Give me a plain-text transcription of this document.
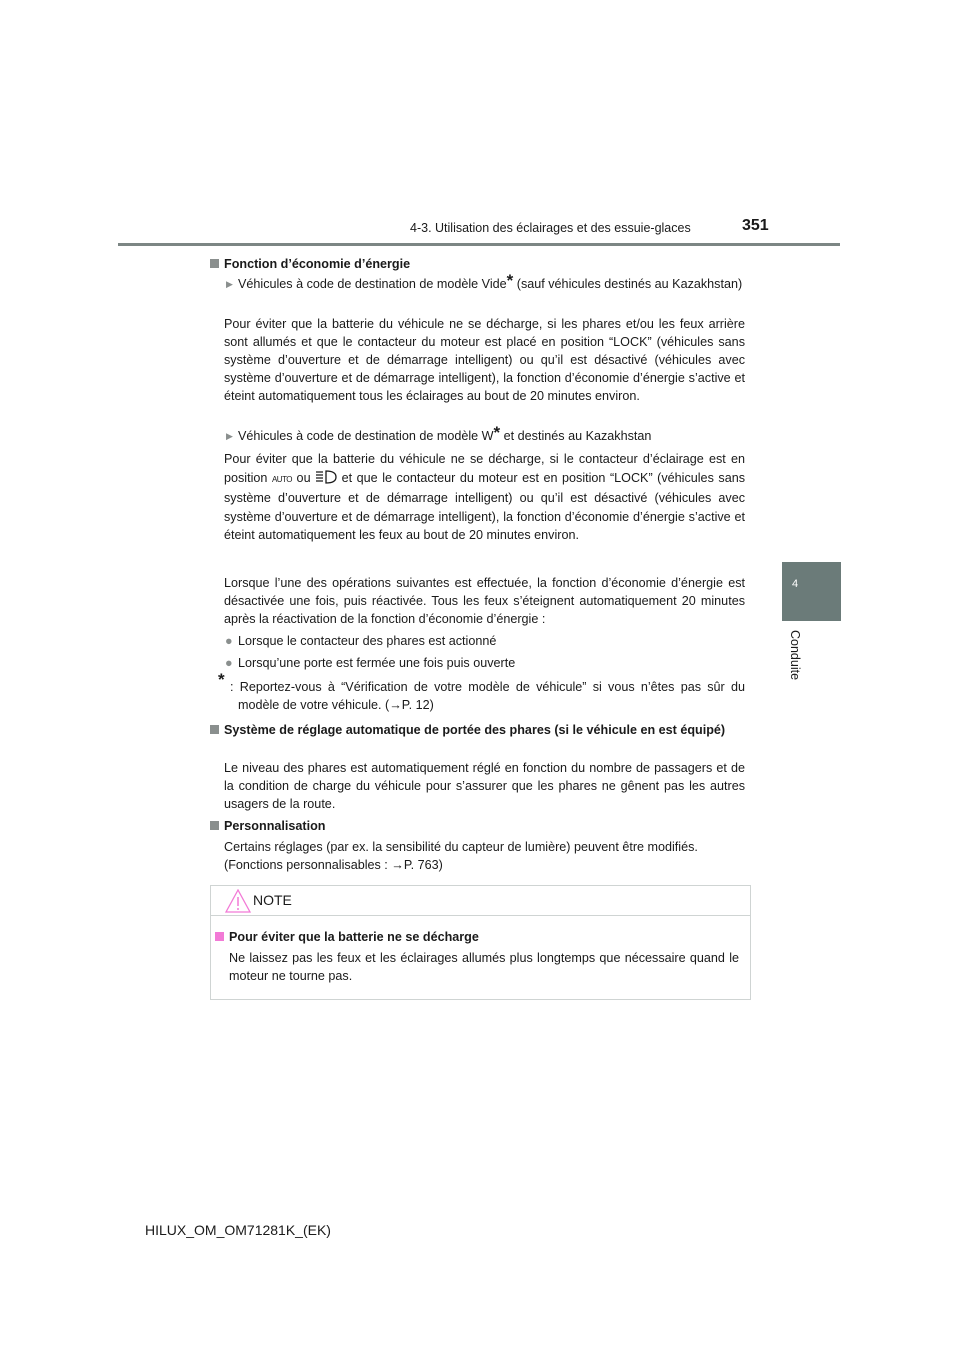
4-3. Utilisation des éclairages et des essuie-glaces	351
4
Conduite
Fonction d’économie d’énergie
▶ Véhicules à code de destination de modèle Vide* (sauf véhicules destinés au Kazakhstan)
Pour éviter que la batterie du véhicule ne se décharge, si les phares et/ou les feux arrière sont allumés et que le contacteur du moteur est placé en position “LOCK” (véhicules sans système d’ouverture et de démarrage intelligent) ou qu’il est désactivé (véhicules avec système d’ouverture et de démarrage intelligent), la fonction d’économie d’énergie s’active et éteint automatiquement tous les éclairages au bout de 20 minutes environ.
▶ Véhicules à code de destination de modèle W* et destinés au Kazakhstan
Pour éviter que la batterie du véhicule ne se décharge, si le contacteur d’éclairage est en position AUTO ou  et que le contacteur du moteur est en position “LOCK” (véhicules sans système d’ouverture et de démarrage intelligent) ou qu’il est désactivé (véhicules avec système d’ouverture et de démarrage intelligent), la fonction d’économie d’énergie s’active et éteint automatiquement les feux au bout de 20 minutes environ.
Lorsque l’une des opérations suivantes est effectuée, la fonction d’économie d’énergie est désactivée une fois, puis réactivée. Tous les feux s’éteignent automatiquement 20 minutes après la réactivation de la fonction d’économie d’énergie :
● Lorsque le contacteur des phares est actionné
● Lorsqu’une porte est fermée une fois puis ouverte
* : Reportez-vous à “Vérification de votre modèle de véhicule” si vous n’êtes pas sûr du modèle de votre véhicule. (→P. 12)
Système de réglage automatique de portée des phares (si le véhicule en est équipé)
Le niveau des phares est automatiquement réglé en fonction du nombre de passagers et de la condition de charge du véhicule pour s’assurer que les phares ne gênent pas les autres usagers de la route.
Personnalisation
Certains réglages (par ex. la sensibilité du capteur de lumière) peuvent être modifiés. (Fonctions personnalisables : →P. 763)
NOTE
Pour éviter que la batterie ne se décharge
Ne laissez pas les feux et les éclairages allumés plus longtemps que nécessaire quand le moteur ne tourne pas.
HILUX_OM_OM71281K_(EK)
